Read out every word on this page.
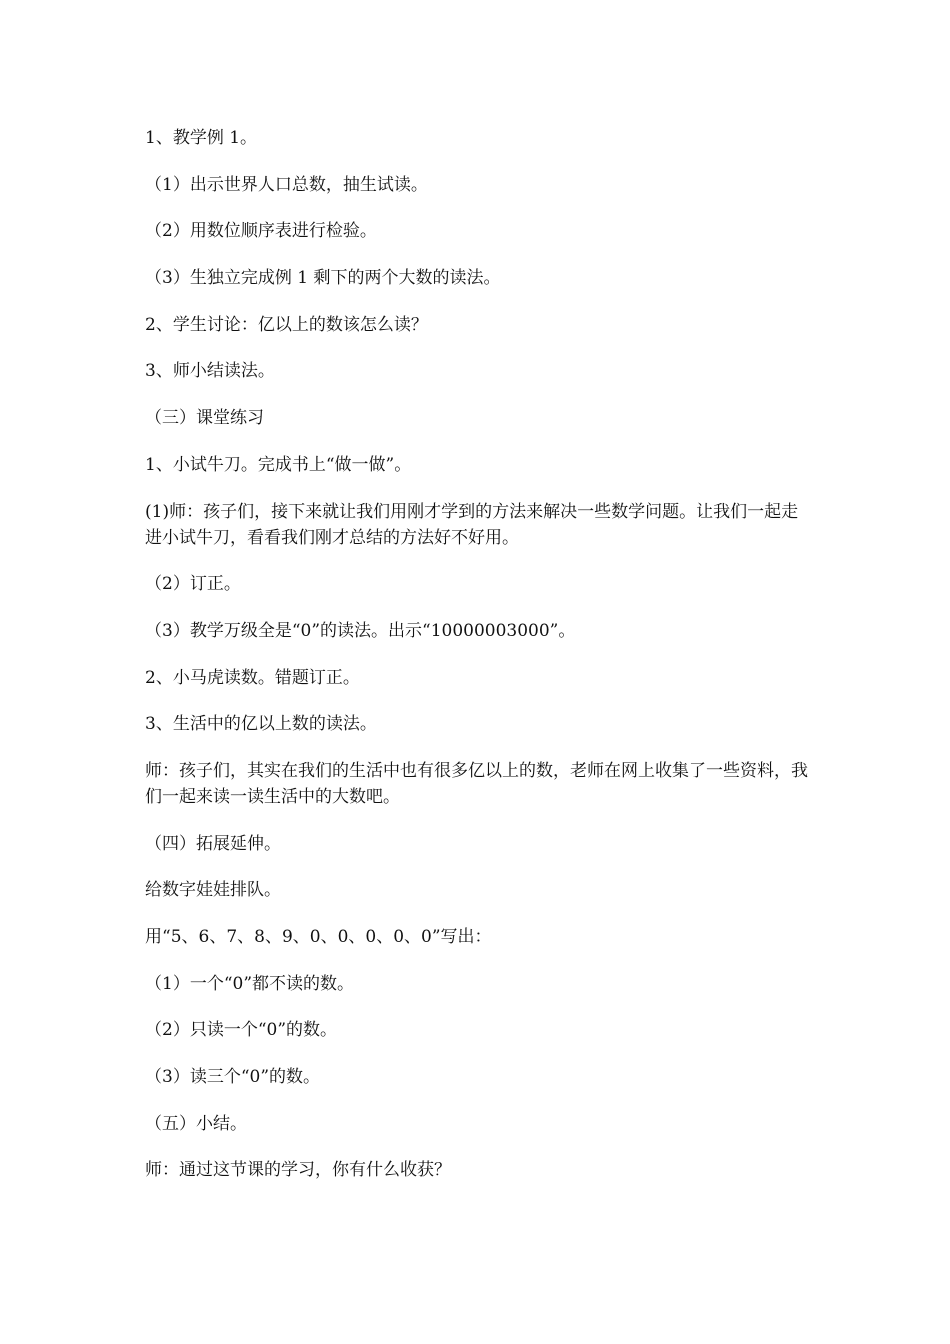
1、教学例 1。

（1）出示世界人口总数，抽生试读。

（2）用数位顺序表进行检验。

（3）生独立完成例 1 剩下的两个大数的读法。

2、学生讨论：亿以上的数该怎么读？

3、师小结读法。

（三）课堂练习

1、小试牛刀。完成书上“做一做”。

(1)师：孩子们，接下来就让我们用刚才学到的方法来解决一些数学问题。让我们一起走进小试牛刀，看看我们刚才总结的方法好不好用。

（2）订正。

（3）教学万级全是“0”的读法。出示“10000003000”。

2、小马虎读数。错题订正。

3、生活中的亿以上数的读法。

师：孩子们，其实在我们的生活中也有很多亿以上的数，老师在网上收集了一些资料，我们一起来读一读生活中的大数吧。

（四）拓展延伸。

给数字娃娃排队。

用“5、6、7、8、9、0、0、0、0、0”写出：

（1）一个“0”都不读的数。

（2）只读一个“0”的数。

（3）读三个“0”的数。

（五）小结。

师：通过这节课的学习，你有什么收获？
